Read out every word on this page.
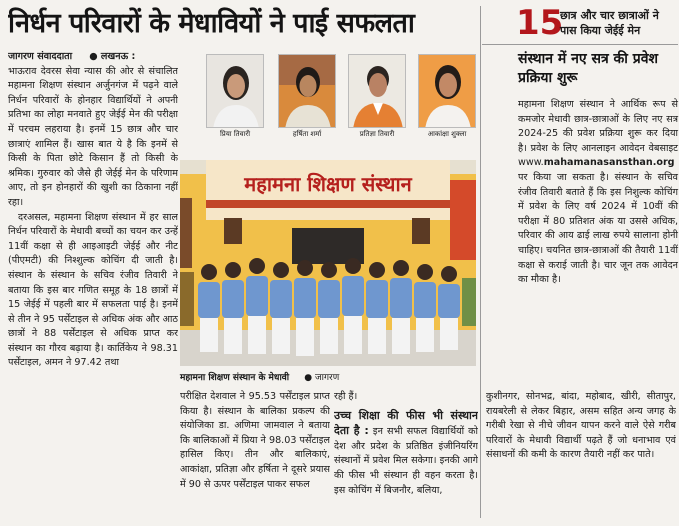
निर्धन परिवारों के मेधावियों ने पाई सफलता	15
छात्र और चार छात्राओं ने पास किया जेईई मेन
जागरण संवाददाता ● लखनऊ :

भाऊराव देवरस सेवा न्यास की ओर से संचालित महामना शिक्षण संस्थान अर्जुनगंज में पढ़ने वाले निर्धन परिवारों के होनहार विद्यार्थियों ने अपनी प्रतिभा का लोहा मनवाते हुए जेईई मेन की परीक्षा में परचम लहराया है। इनमें 15 छात्र और चार छात्राएं शामिल हैं। खास बात ये है कि इनमें से किसी के पिता छोटे किसान हैं तो किसी के श्रमिक। गुरुवार को जैसे ही जेईई मेन के परिणाम आए, तो इन होनहारों की खुशी का ठिकाना नहीं रहा।

दरअसल, महामना शिक्षण संस्थान में हर साल निर्धन परिवारों के मेधावी बच्चों का चयन कर उन्हें 11वीं कक्षा से ही आइआइटी जेईई और नीट (पीएमटी) की निश्शुल्क कोचिंग दी जाती है। संस्थान के संस्थान के सचिव रंजीव तिवारी ने बताया कि इस बार गणित समूह के 18 छात्रों में 15 जेईई में पहली बार में सफलता पाई है। इनमें से तीन ने 95 पर्सेंटाइल से अधिक अंक और आठ छात्रों ने 88 पर्सेंटाइल से अधिक प्राप्त कर संस्थान का गौरव बढ़ाया है। कार्तिकेय ने 98.31 पर्सेंटाइल, अमन ने 97.42 तथा

प्रिया तिवारी	हर्षिता शर्मा	प्रतिज्ञा तिवारी	आकांक्षा शुक्ला
महामना शिक्षण संस्थान
महामना शिक्षण संस्थान के मेधावी ● जागरण

परीक्षित देशवाल ने 95.53 पर्सेंटाइल प्राप्त किया है। संस्थान के बालिका प्रकल्प की संयोजिका डा. अणिमा जामवाल ने बताया कि बालिकाओं में प्रिया ने 98.03 पर्सेंटाइल हासिल किए। तीन और बालिकाएं, आकांक्षा, प्रतिज्ञा और हर्षिता ने दूसरे प्रयास में 90 से ऊपर पर्सेंटाइल पाकर सफल

रही हैं।

उच्च शिक्षा की फीस भी संस्थान देता है : इन सभी सफल विद्यार्थियों को देश और प्रदेश के प्रतिष्ठित इंजीनियरिंग संस्थानों में प्रवेश मिल सकेगा। इनकी आगे की फीस भी संस्थान ही वहन करता है। इस कोचिंग में बिजनौर, बलिया,

संस्थान में नए सत्र की प्रवेश प्रक्रिया शुरू

महामना शिक्षण संस्थान ने आर्थिक रूप से कमजोर मेधावी छात्र-छात्राओं के लिए नए सत्र 2024-25 की प्रवेश प्रक्रिया शुरू कर दिया है। प्रवेश के लिए आनलाइन आवेदन वेबसाइट www.mahamanasansthan.org पर किया जा सकता है। संस्थान के सचिव रंजीव तिवारी बताते हैं कि इस निशुल्क कोचिंग में प्रवेश के लिए वर्ष 2024 में 10वीं की परीक्षा में 80 प्रतिशत अंक या उससे अधिक, परिवार की आय ढाई लाख रुपये सालाना होनी चाहिए। चयनित छात्र-छात्राओं की तैयारी 11वीं कक्षा से कराई जाती है। चार जून तक आवेदन का मौका है।

कुशीनगर, सोनभद्र, बांदा, महोबाद, खीरी, सीतापुर, रायबरेली से लेकर बिहार, असम सहित अन्य जगह के गरीबी रेखा से नीचे जीवन यापन करने वाले ऐसे गरीब परिवारों के मेधावी विद्यार्थी पढ़ते हैं जो धनाभाव एवं संसाधनों की कमी के कारण तैयारी नहीं कर पाते।
